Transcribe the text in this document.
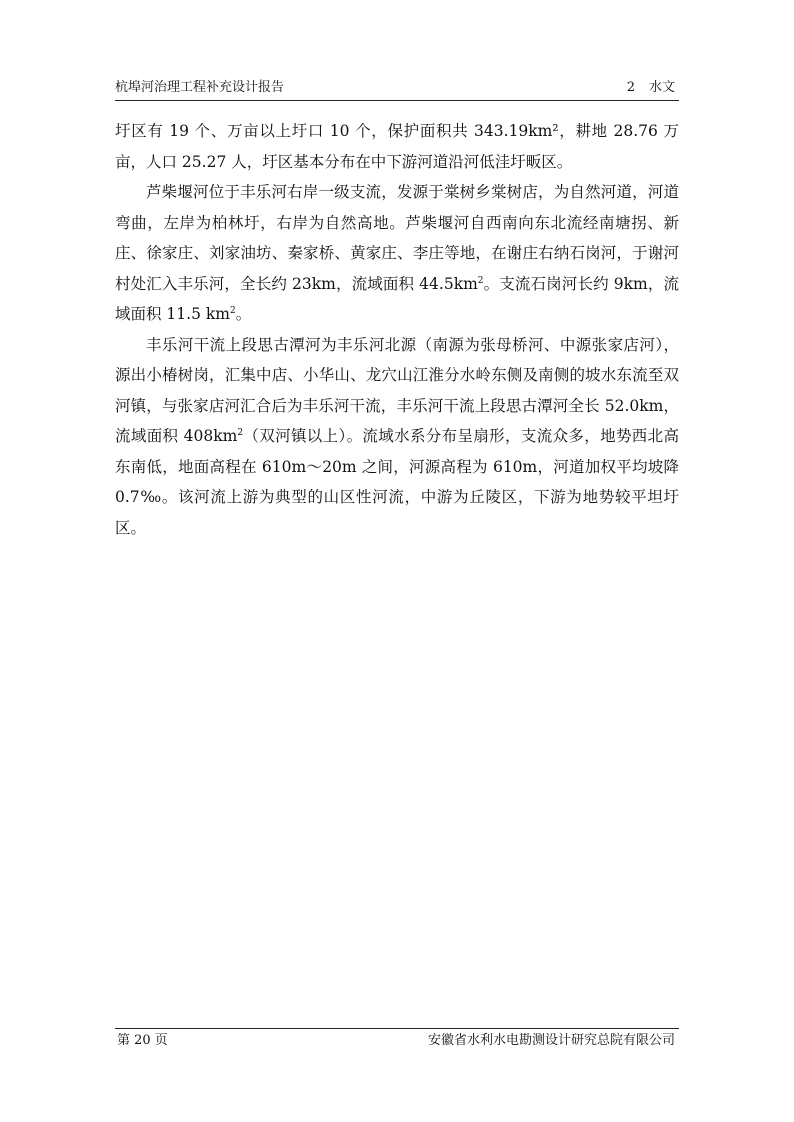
杭埠河治理工程补充设计报告	2 水文

圩区有 19 个、万亩以上圩口 10 个，保护面积共 343.19km²，耕地 28.76 万亩，人口 25.27 人，圩区基本分布在中下游河道沿河低洼圩畈区。

芦柴堰河位于丰乐河右岸一级支流，发源于棠树乡棠树店，为自然河道，河道弯曲，左岸为柏林圩，右岸为自然高地。芦柴堰河自西南向东北流经南塘拐、新庄、徐家庄、刘家油坊、秦家桥、黄家庄、李庄等地，在谢庄右纳石岗河，于谢河村处汇入丰乐河，全长约 23km，流域面积 $44.5km^2$。支流石岗河长约 9km，流域面积 11.5 $km^2$。

丰乐河干流上段思古潭河为丰乐河北源（南源为张母桥河、中源张家店河），源出小椿树岗，汇集中店、小华山、龙穴山江淮分水岭东侧及南侧的坡水东流至双河镇，与张家店河汇合后为丰乐河干流，丰乐河干流上段思古潭河全长 52.0km，流域面积 $408km^2$（双河镇以上）。流域水系分布呈扇形，支流众多，地势西北高东南低，地面高程在 610m～20m 之间，河源高程为 610m，河道加权平均坡降 0.7‰。该河流上游为典型的山区性河流，中游为丘陵区，下游为地势较平坦圩区。

第 20 页	安徽省水利水电勘测设计研究总院有限公司
